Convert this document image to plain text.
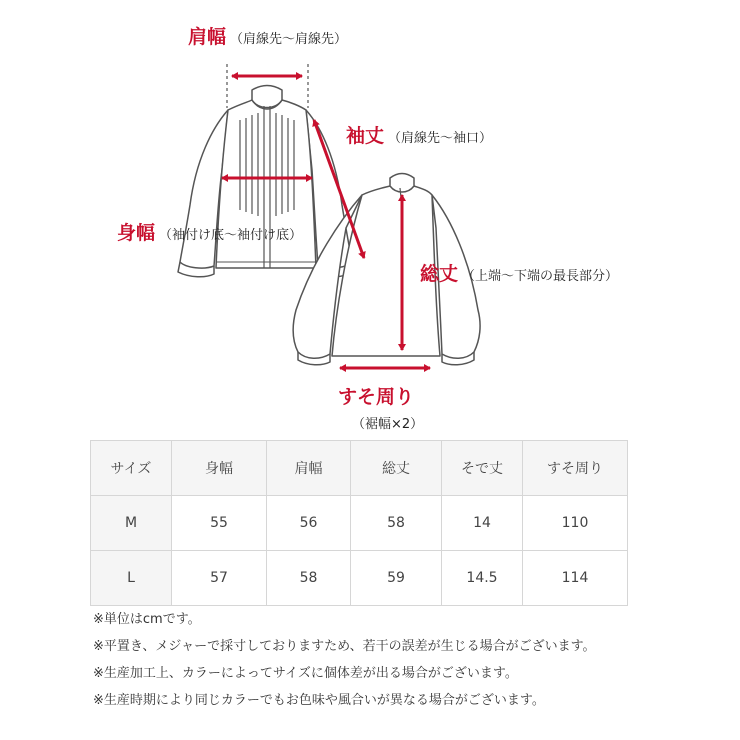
肩幅 （肩線先～肩線先）
袖丈 （肩線先～袖口）
身幅 （袖付け底～袖付け底）
総丈 （上端～下端の最長部分）
すそ周り
（裾幅×2）
サイズ	身幅	肩幅	総丈	そで丈	すそ周り
M	55	56	58	14	110
L	57	58	59	14.5	114
※単位はcmです。
※平置き、メジャーで採寸しておりますため、若干の誤差が生じる場合がございます。
※生産加工上、カラーによってサイズに個体差が出る場合がございます。
※生産時期により同じカラーでもお色味や風合いが異なる場合がございます。
